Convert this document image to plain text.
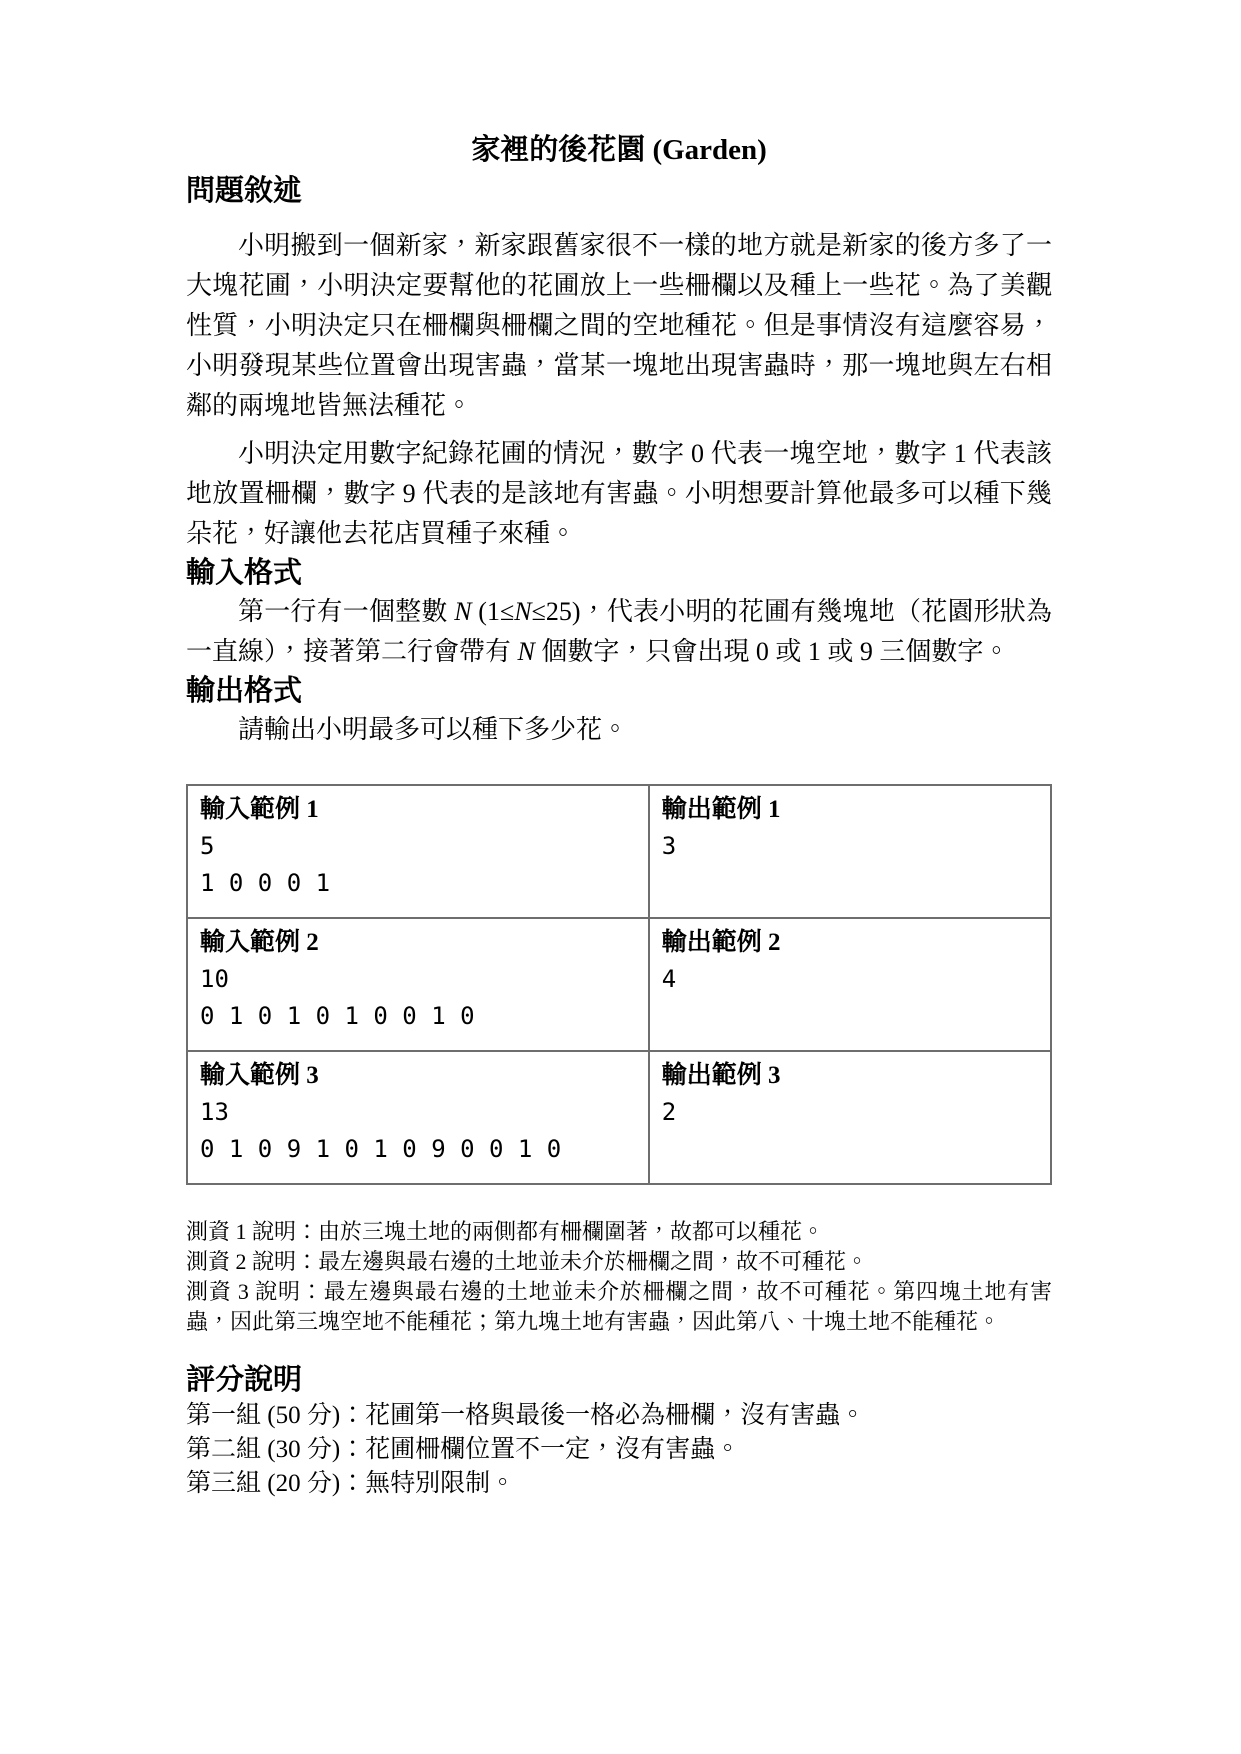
家裡的後花園 (Garden)
問題敘述

小明搬到一個新家，新家跟舊家很不一樣的地方就是新家的後方多了一大塊花圃，小明決定要幫他的花圃放上一些柵欄以及種上一些花。為了美觀性質，小明決定只在柵欄與柵欄之間的空地種花。但是事情沒有這麼容易，小明發現某些位置會出現害蟲，當某一塊地出現害蟲時，那一塊地與左右相鄰的兩塊地皆無法種花。

小明決定用數字紀錄花圃的情況，數字 0 代表一塊空地，數字 1 代表該地放置柵欄，數字 9 代表的是該地有害蟲。小明想要計算他最多可以種下幾朵花，好讓他去花店買種子來種。

輸入格式

第一行有一個整數 N (1≤N≤25)，代表小明的花圃有幾塊地（花園形狀為一直線），接著第二行會帶有 N 個數字，只會出現 0 或 1 或 9 三個數字。

輸出格式

請輸出小明最多可以種下多少花。

輸入範例 1
5
1 0 0 0 1

輸出範例 1
3

輸入範例 2
10
0 1 0 1 0 1 0 0 1 0

輸出範例 2
4

輸入範例 3
13
0 1 0 9 1 0 1 0 9 0 0 1 0

輸出範例 3
2

測資 1 說明：由於三塊土地的兩側都有柵欄圍著，故都可以種花。

測資 2 說明：最左邊與最右邊的土地並未介於柵欄之間，故不可種花。

測資 3 說明：最左邊與最右邊的土地並未介於柵欄之間，故不可種花。第四塊土地有害蟲，因此第三塊空地不能種花；第九塊土地有害蟲，因此第八、十塊土地不能種花。

評分說明

第一組 (50 分)：花圃第一格與最後一格必為柵欄，沒有害蟲。

第二組 (30 分)：花圃柵欄位置不一定，沒有害蟲。

第三組 (20 分)：無特別限制。
